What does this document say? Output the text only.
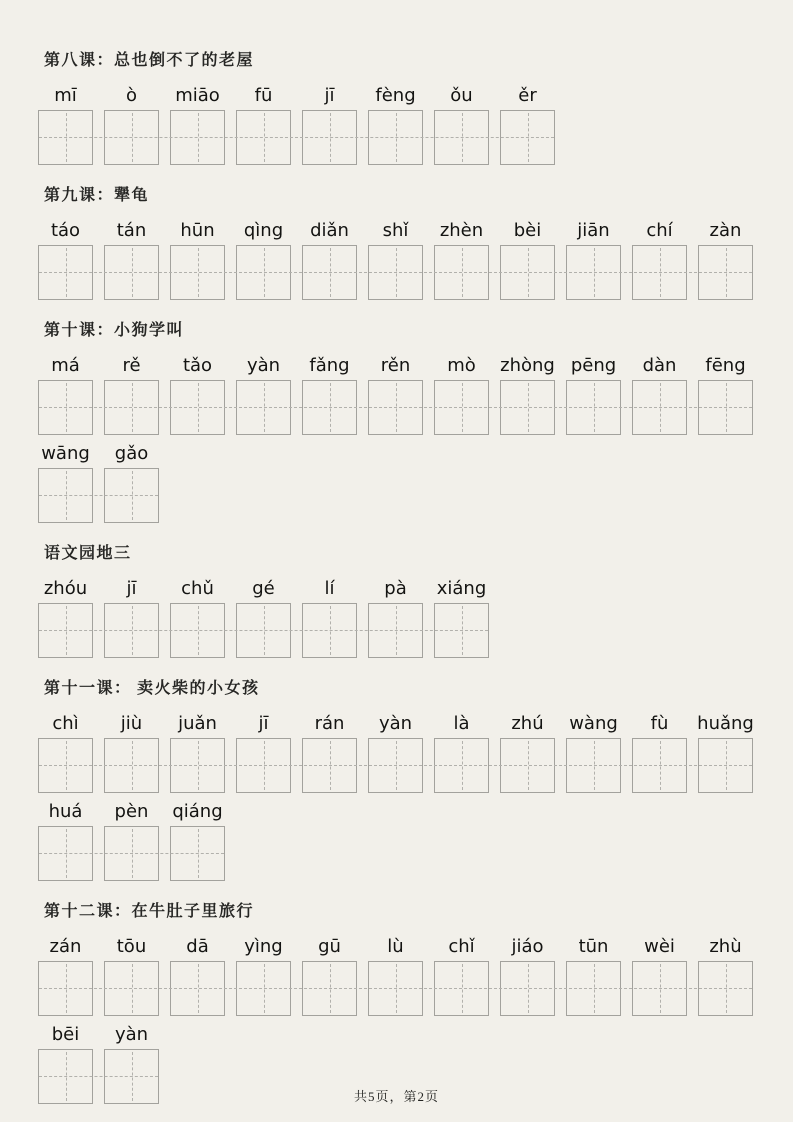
第八课：总也倒不了的老屋
mī	ò miāo fū	jī fèng ǒu	ěr
第九课：犟龟
táo tán hūn qìng diǎn shǐ zhèn bèi jiān chí zàn
第十课：小狗学叫
má rě tǎo yàn fǎng rěn mò zhòng pēng dàn fēng
wāng gǎo
语文园地三
zhóu jī chǔ gé	lí	pà xiáng
第十一课： 卖火柴的小女孩
chì jiù juǎn jī	rán yàn là zhú wàng fù huǎng
huá pèn qiáng
第十二课：在牛肚子里旅行
zán tōu dā yìng gū	lù chǐ jiáo tūn wèi zhù
bēi yàn
共5页，第2页
